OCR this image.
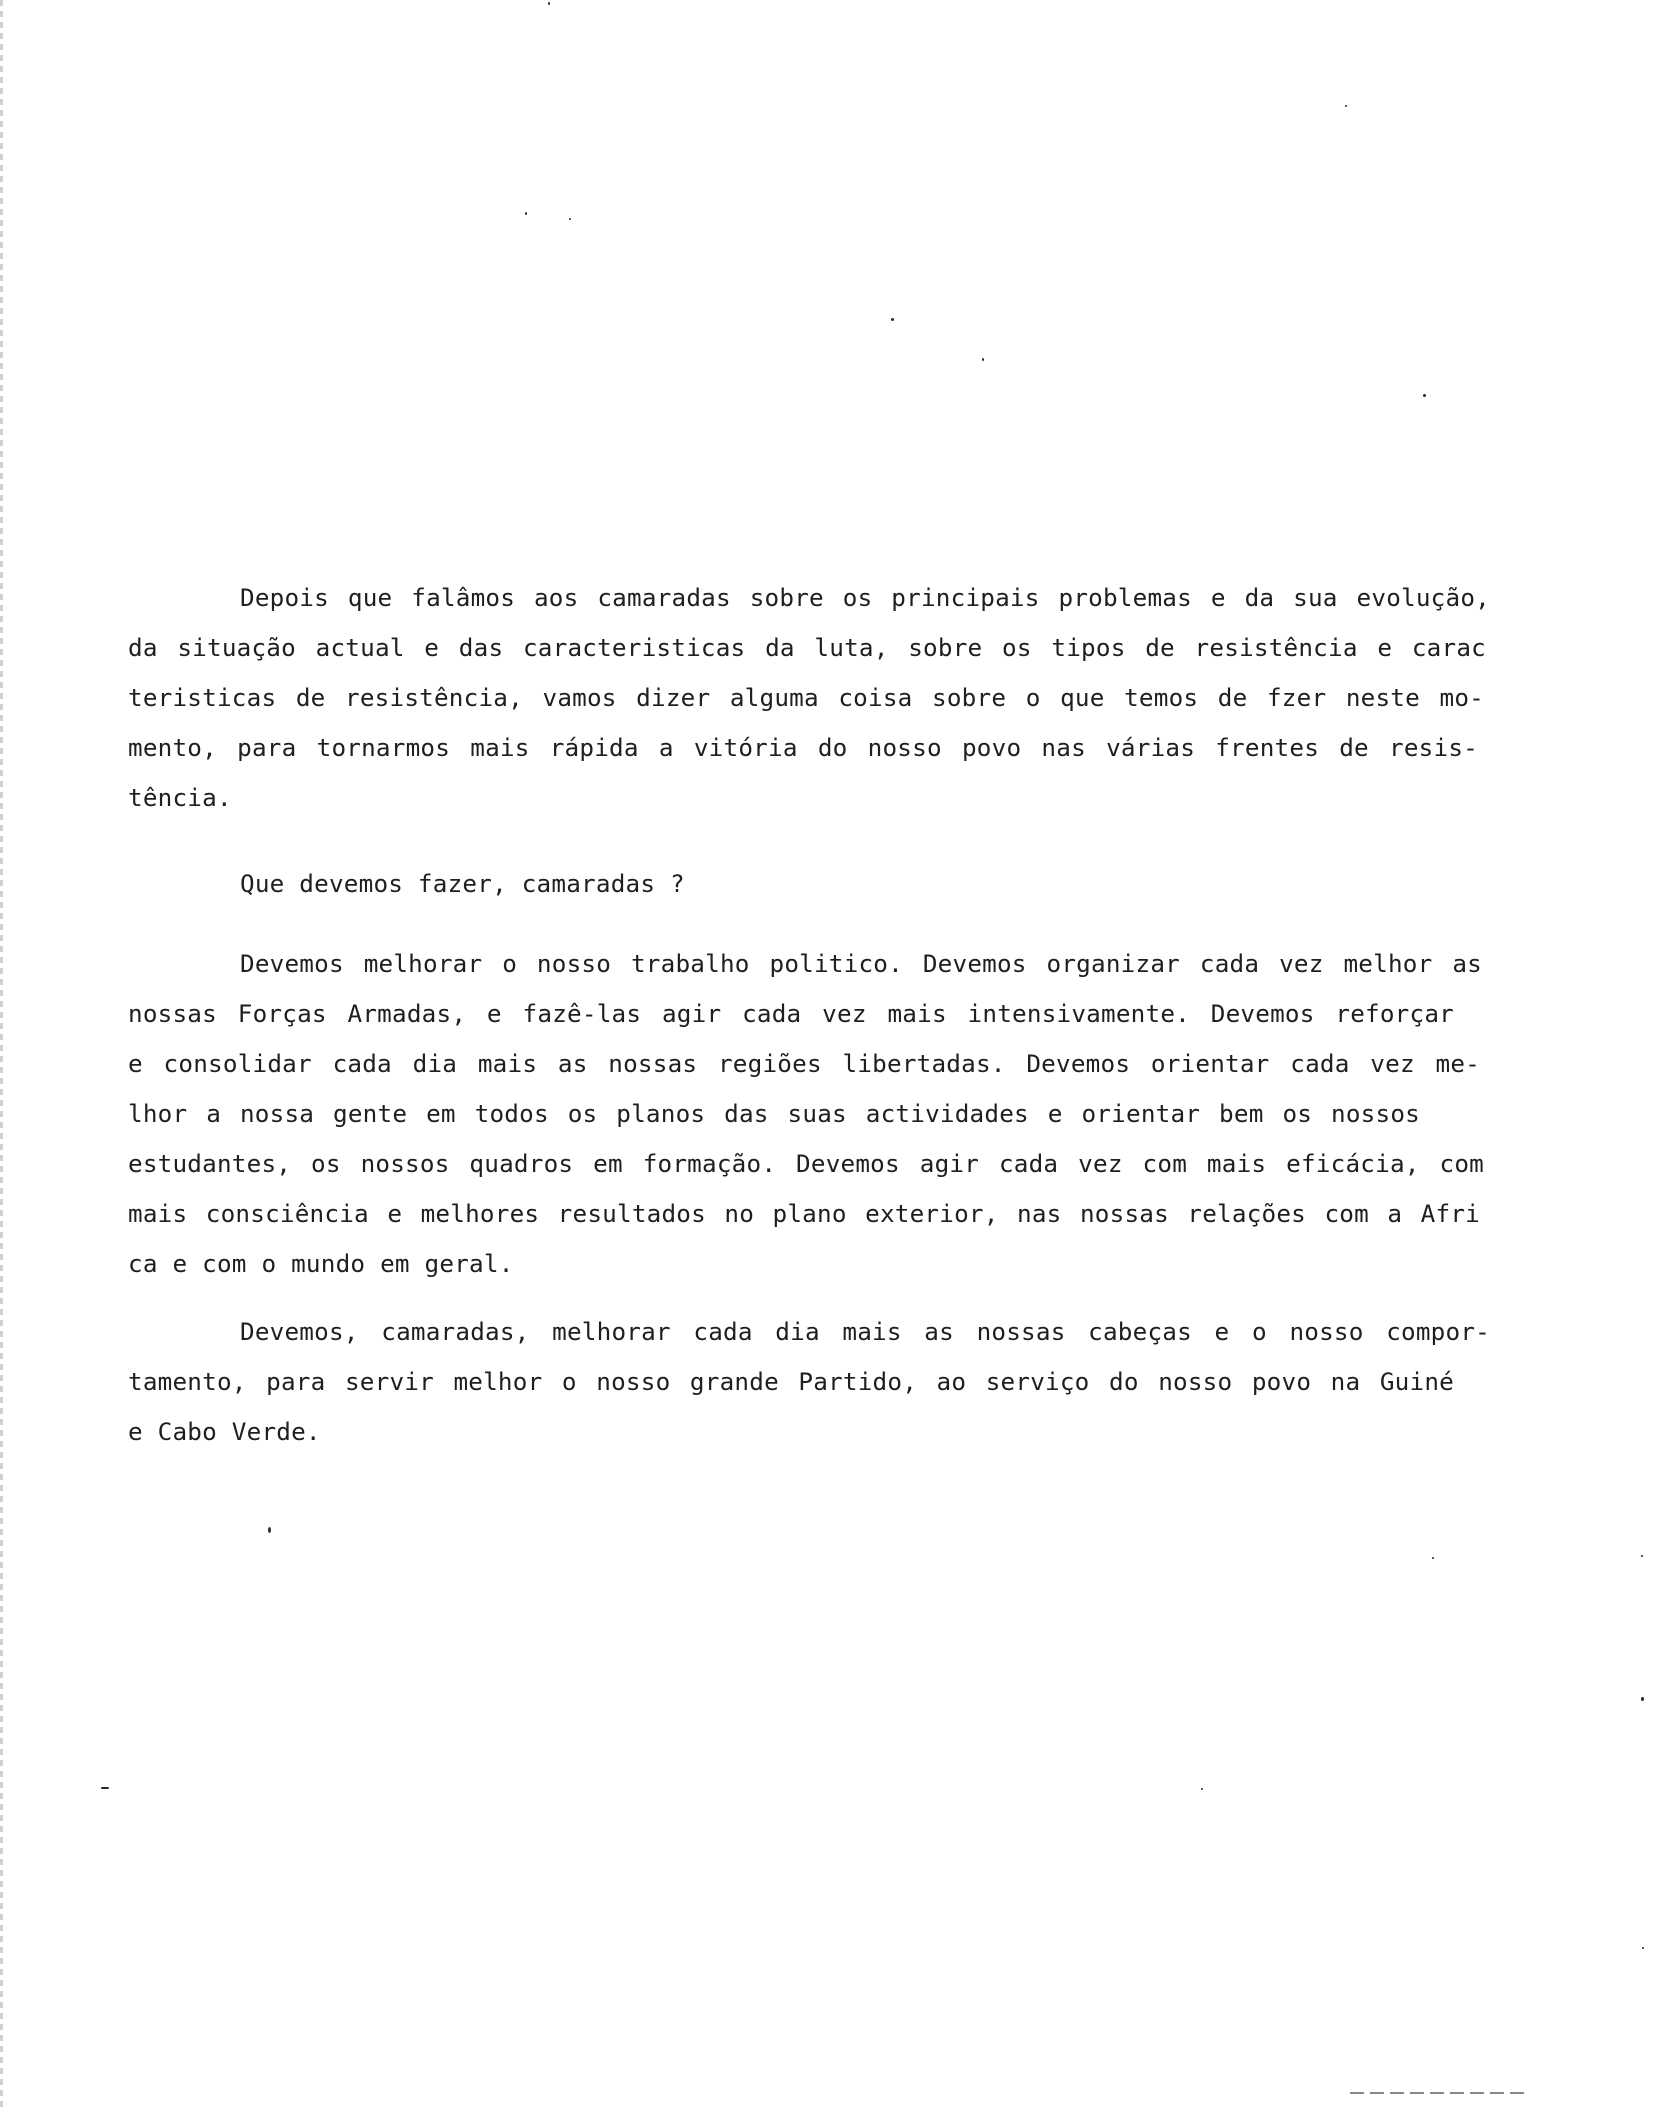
Depois que falâmos aos camaradas sobre os principais problemas e da sua evolução,
da situação actual e das caracteristicas da luta, sobre os tipos de resistência e carac
teristicas de resistência, vamos dizer alguma coisa sobre o que temos de fzer neste mo-
mento, para tornarmos mais rápida a vitória do nosso povo nas várias frentes de resis-
tência.
Que devemos fazer, camaradas ?
Devemos melhorar o nosso trabalho politico. Devemos organizar cada vez melhor as
nossas Forças Armadas, e fazê-las agir cada vez mais intensivamente. Devemos reforçar
e consolidar cada dia mais as nossas regiões libertadas. Devemos orientar cada vez me-
lhor a nossa gente em todos os planos das suas actividades e orientar bem os nossos
estudantes, os nossos quadros em formação. Devemos agir cada vez com mais eficácia, com
mais consciência e melhores resultados no plano exterior, nas nossas relações com a Afri
ca e com o mundo em geral.
Devemos, camaradas, melhorar cada dia mais as nossas cabeças e o nosso compor-
tamento, para servir melhor o nosso grande Partido, ao serviço do nosso povo na Guiné
e Cabo Verde.
